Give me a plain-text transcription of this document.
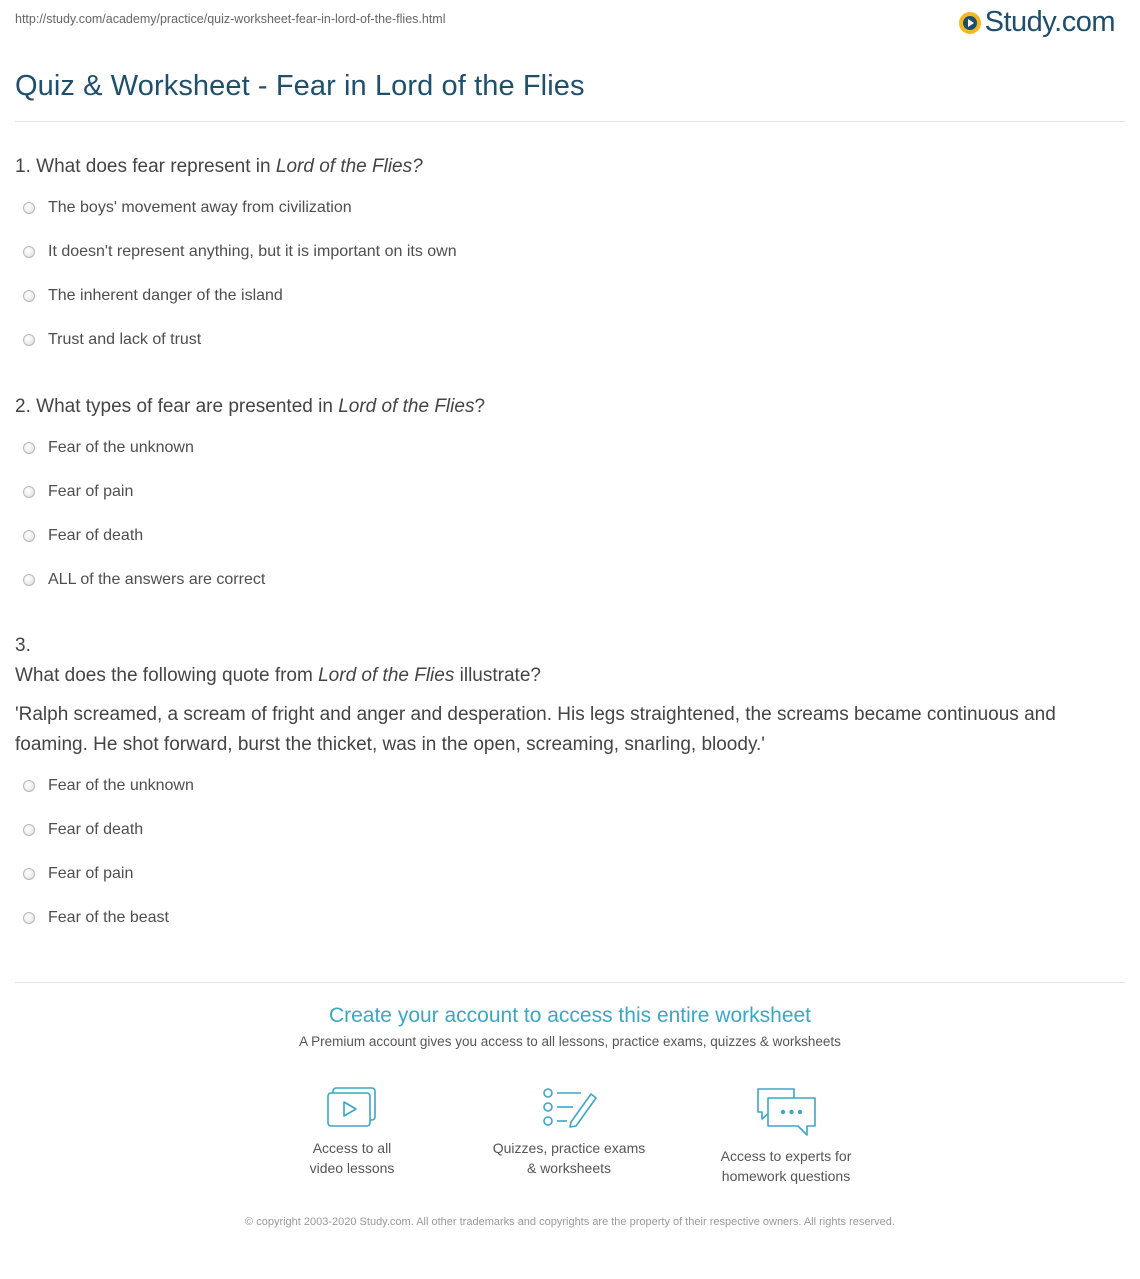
http://study.com/academy/practice/quiz-worksheet-fear-in-lord-of-the-flies.html	Study.com
Quiz & Worksheet - Fear in Lord of the Flies
1. What does fear represent in Lord of the Flies?
The boys' movement away from civilization
It doesn't represent anything, but it is important on its own
The inherent danger of the island
Trust and lack of trust
2. What types of fear are presented in Lord of the Flies?
Fear of the unknown
Fear of pain
Fear of death
ALL of the answers are correct
3.
What does the following quote from Lord of the Flies illustrate?
'Ralph screamed, a scream of fright and anger and desperation. His legs straightened, the screams became continuous and foaming. He shot forward, burst the thicket, was in the open, screaming, snarling, bloody.'
Fear of the unknown
Fear of death
Fear of pain
Fear of the beast
Create your account to access this entire worksheet
A Premium account gives you access to all lessons, practice exams, quizzes & worksheets
Access to all
video lessons
Quizzes, practice exams
& worksheets
Access to experts for
homework questions
© copyright 2003-2020 Study.com. All other trademarks and copyrights are the property of their respective owners. All rights reserved.
